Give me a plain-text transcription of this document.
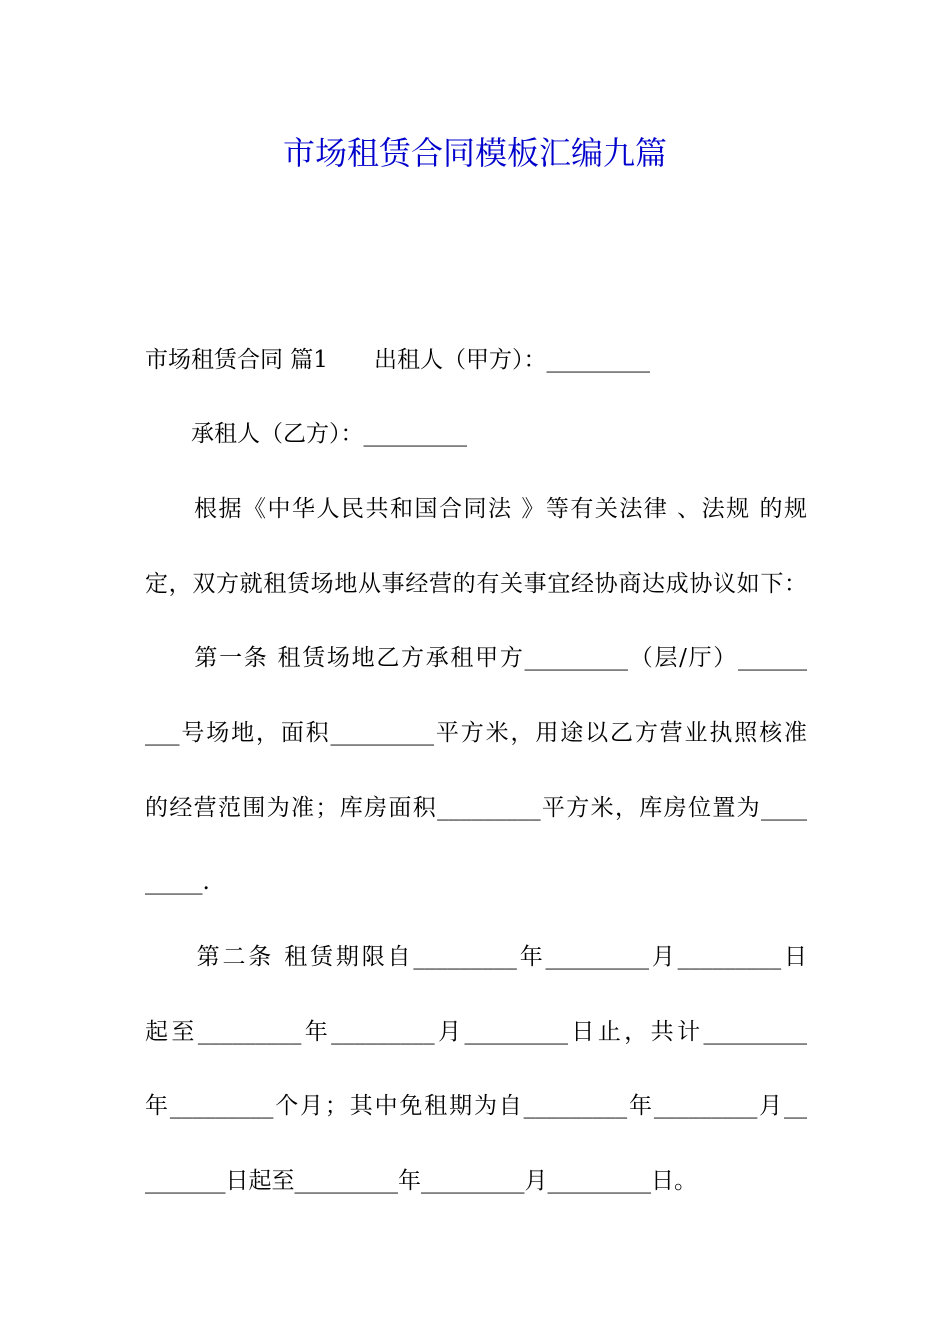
市场租赁合同模板汇编九篇
市场租赁合同 篇1　　出租人（甲方）：_________
　　承租人（乙方）：_________
　　根据《中华人民共和国合同法 》等有关法律 、法规 的规
定，双方就租赁场地从事经营的有关事宜经协商达成协议如下：
　　第一条 租赁场地乙方承租甲方_________（层/厅）______
___号场地，面积_________平方米，用途以乙方营业执照核准
的经营范围为准；库房面积_________平方米，库房位置为____
_____.
　　第二条 租赁期限自_________年_________月_________日
起至_________年_________月_________日止，共计_________
年_________个月；其中免租期为自_________年_________月__
_______日起至_________年_________月_________日。
